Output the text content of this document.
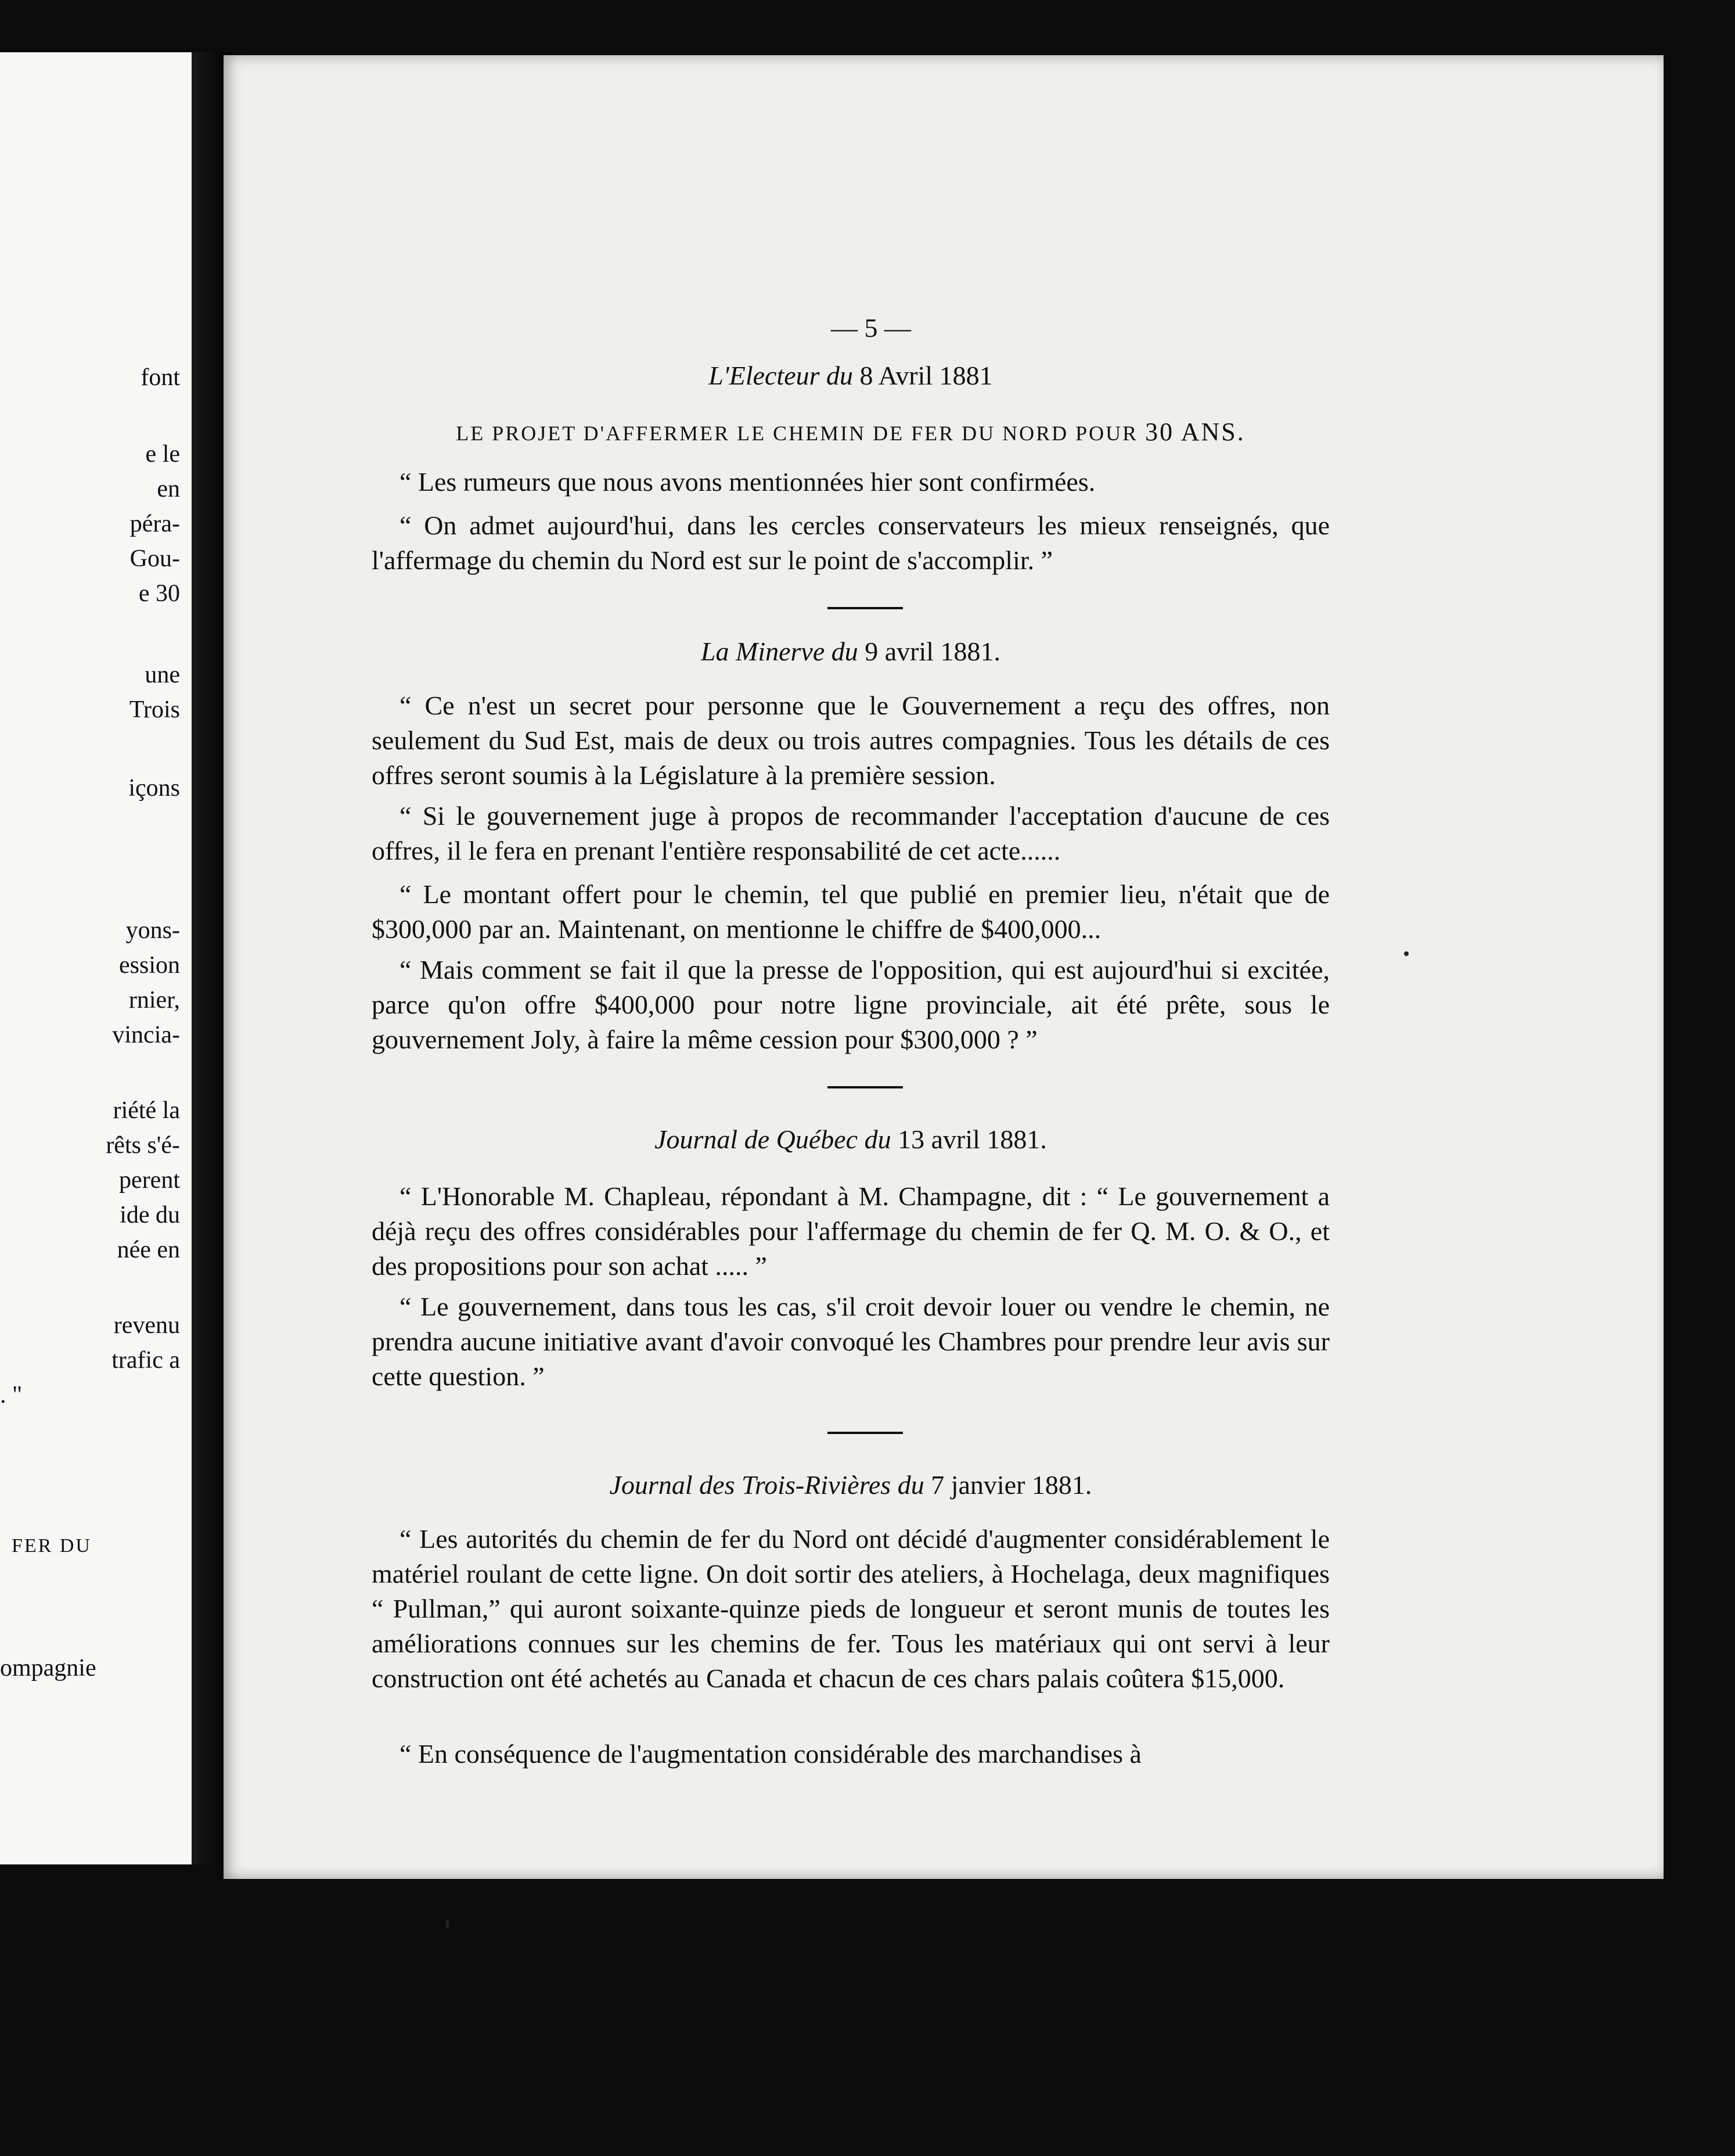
font

e le

en

péra-

Gou-

e 30

une

Trois

içons

yons-

ession

rnier,

vincia-

riété la

rêts s'é-

perent

ide du

née en

revenu

trafic a

. "

FER DU

ompagnie

— 5 —

L'Electeur du 8 Avril 1881

LE PROJET D'AFFERMER LE CHEMIN DE FER DU NORD POUR 30 ANS.

“ Les rumeurs que nous avons mentionnées hier sont confirmées.

“ On admet aujourd'hui, dans les cercles conservateurs les mieux renseignés, que l'affermage du chemin du Nord est sur le point de s'accomplir. ”

La Minerve du 9 avril 1881.

“ Ce n'est un secret pour personne que le Gouvernement a reçu des offres, non seulement du Sud Est, mais de deux ou trois autres compagnies. Tous les détails de ces offres seront soumis à la Législature à la première session.

“ Si le gouvernement juge à propos de recommander l'acceptation d'aucune de ces offres, il le fera en prenant l'entière responsabilité de cet acte......

“ Le montant offert pour le chemin, tel que publié en premier lieu, n'était que de $300,000 par an. Maintenant, on mentionne le chiffre de $400,000...

“ Mais comment se fait il que la presse de l'opposition, qui est aujourd'hui si excitée, parce qu'on offre $400,000 pour notre ligne provinciale, ait été prête, sous le gouvernement Joly, à faire la même cession pour $300,000 ? ”

Journal de Québec du 13 avril 1881.

“ L'Honorable M. Chapleau, répondant à M. Champagne, dit : “ Le gouvernement a déjà reçu des offres considérables pour l'affermage du chemin de fer Q. M. O. & O., et des propositions pour son achat ..... ”

“ Le gouvernement, dans tous les cas, s'il croit devoir louer ou vendre le chemin, ne prendra aucune initiative avant d'avoir convoqué les Chambres pour prendre leur avis sur cette question. ”

Journal des Trois-Rivières du 7 janvier 1881.

“ Les autorités du chemin de fer du Nord ont décidé d'augmenter considérablement le matériel roulant de cette ligne. On doit sortir des ateliers, à Hochelaga, deux magnifiques “ Pullman,” qui auront soixante-quinze pieds de longueur et seront munis de toutes les améliorations connues sur les chemins de fer. Tous les matériaux qui ont servi à leur construction ont été achetés au Canada et chacun de ces chars palais coûtera $15,000.

“ En conséquence de l'augmentation considérable des marchandises à
